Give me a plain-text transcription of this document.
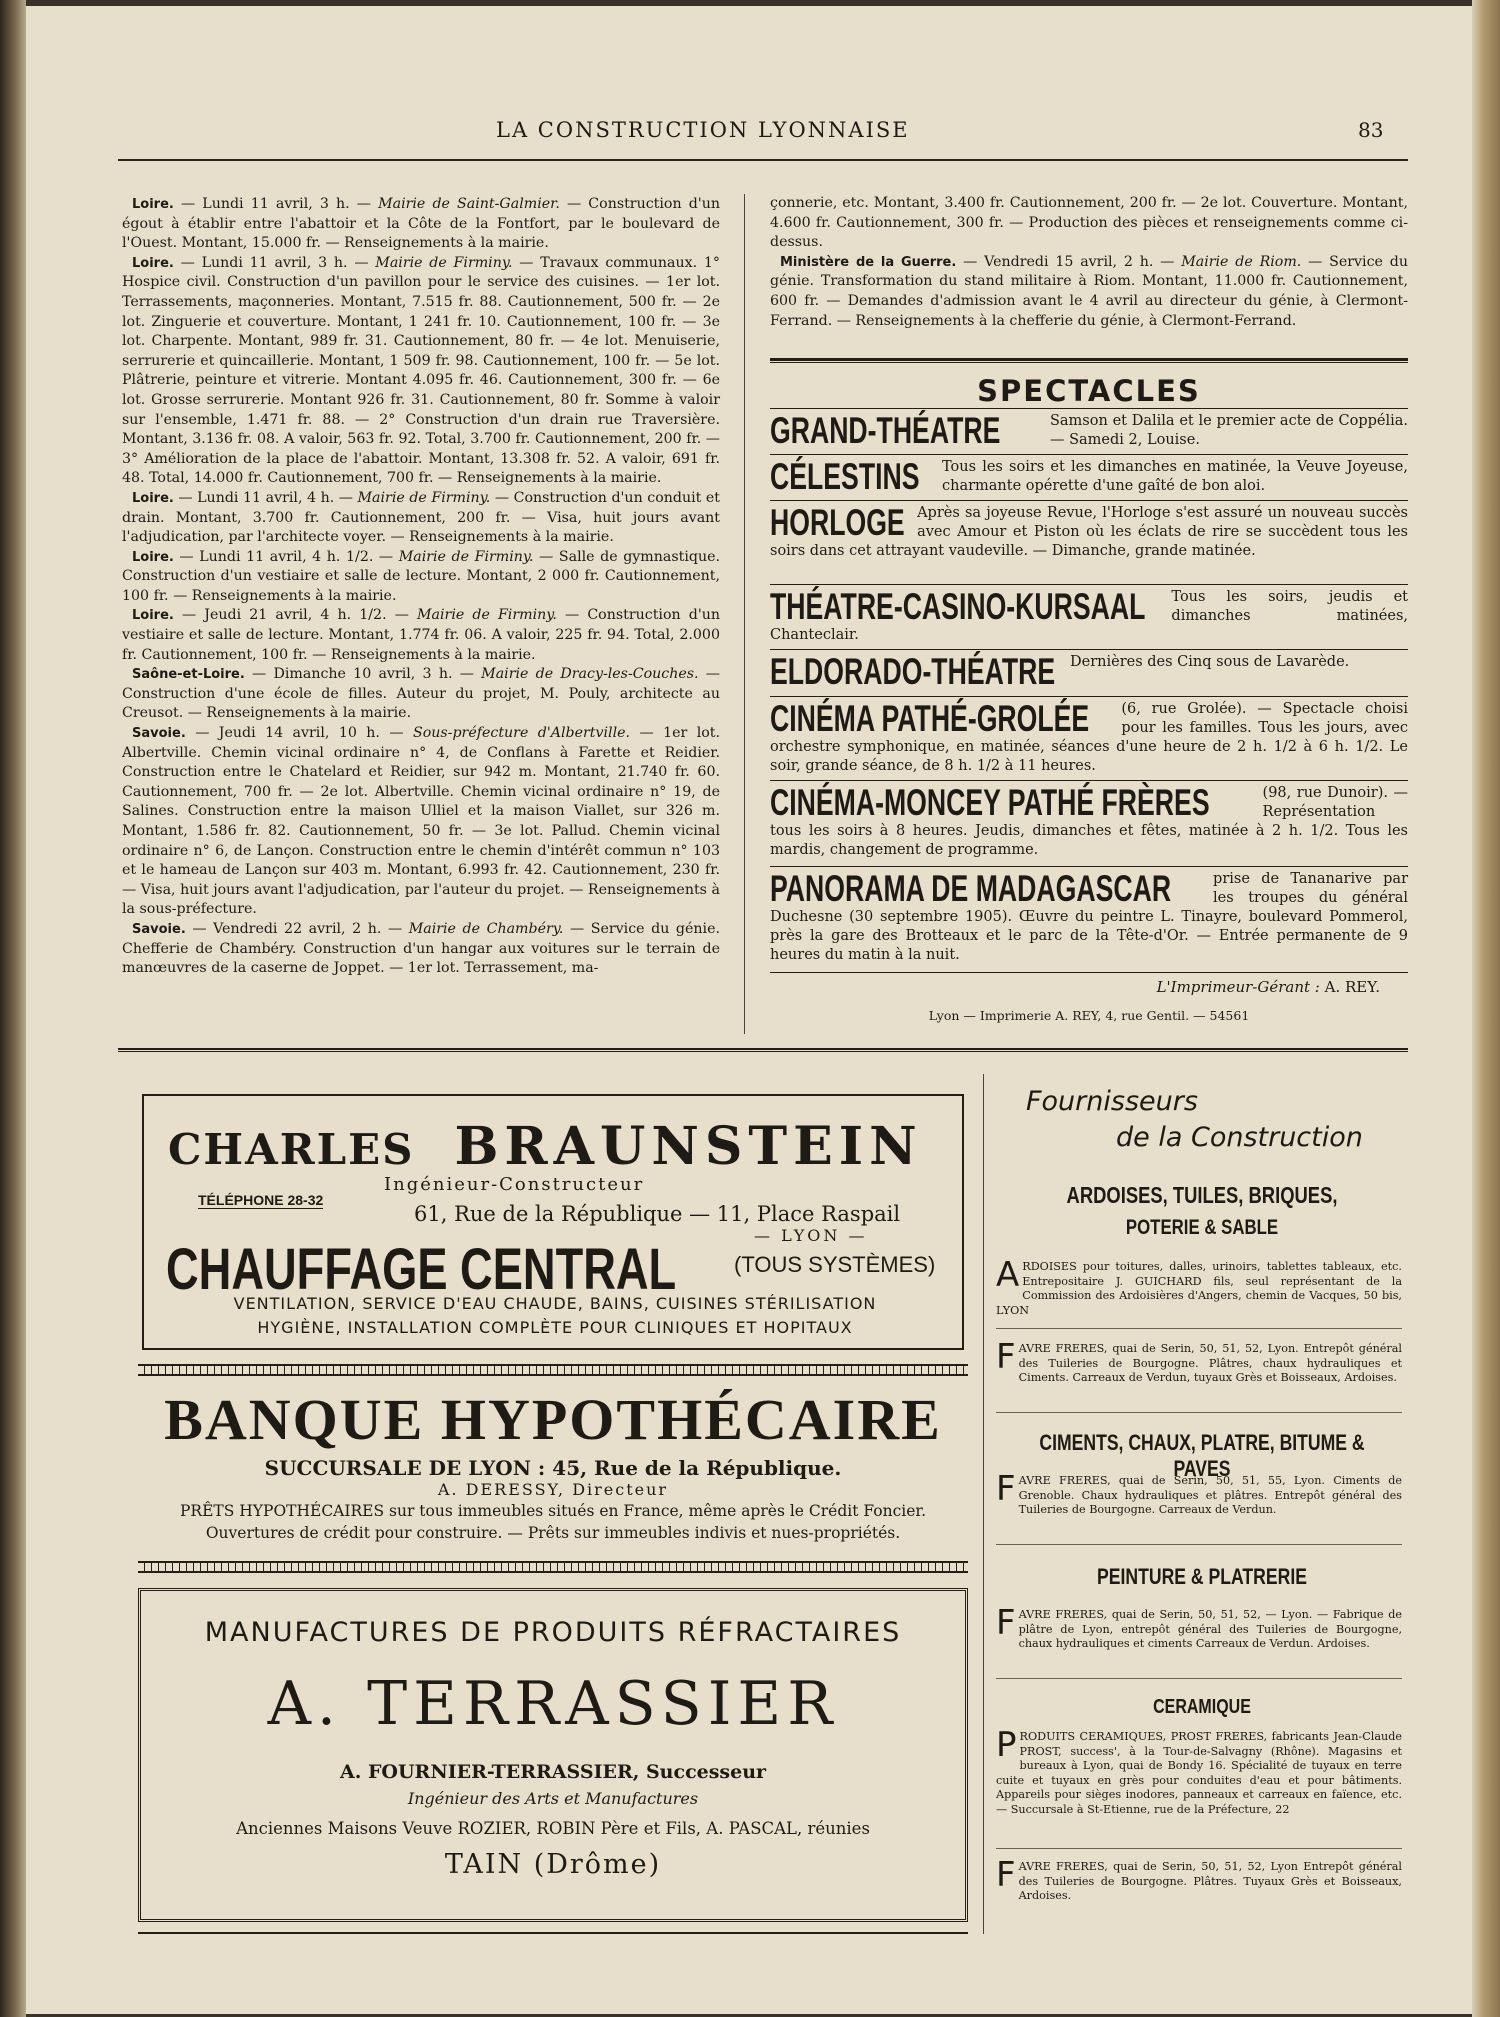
LA CONSTRUCTION LYONNAISE	83

Loire. — Lundi 11 avril, 3 h. — Mairie de Saint-Galmier. — Construction d'un égout à établir entre l'abattoir et la Côte de la Fontfort, par le boulevard de l'Ouest. Montant, 15.000 fr. — Renseignements à la mairie.

Loire. — Lundi 11 avril, 3 h. — Mairie de Firminy. — Travaux communaux. 1° Hospice civil. Construction d'un pavillon pour le service des cuisines. — 1er lot. Terrassements, maçonneries. Montant, 7.515 fr. 88. Cautionnement, 500 fr. — 2e lot. Zinguerie et couverture. Montant, 1 241 fr. 10. Cautionnement, 100 fr. — 3e lot. Charpente. Montant, 989 fr. 31. Cautionnement, 80 fr. — 4e lot. Menuiserie, serrurerie et quincaillerie. Montant, 1 509 fr. 98. Cautionnement, 100 fr. — 5e lot. Plâtrerie, peinture et vitrerie. Montant 4.095 fr. 46. Cautionnement, 300 fr. — 6e lot. Grosse serrurerie. Montant 926 fr. 31. Cautionnement, 80 fr. Somme à valoir sur l'ensemble, 1.471 fr. 88. — 2° Construction d'un drain rue Traversière. Montant, 3.136 fr. 08. A valoir, 563 fr. 92. Total, 3.700 fr. Cautionnement, 200 fr. — 3° Amélioration de la place de l'abattoir. Montant, 13.308 fr. 52. A valoir, 691 fr. 48. Total, 14.000 fr. Cautionnement, 700 fr. — Renseignements à la mairie.

Loire. — Lundi 11 avril, 4 h. — Mairie de Firminy. — Construction d'un conduit et drain. Montant, 3.700 fr. Cautionnement, 200 fr. — Visa, huit jours avant l'adjudication, par l'architecte voyer. — Renseignements à la mairie.

Loire. — Lundi 11 avril, 4 h. 1/2. — Mairie de Firminy. — Salle de gymnastique. Construction d'un vestiaire et salle de lecture. Montant, 2 000 fr. Cautionnement, 100 fr. — Renseignements à la mairie.

Loire. — Jeudi 21 avril, 4 h. 1/2. — Mairie de Firminy. — Construction d'un vestiaire et salle de lecture. Montant, 1.774 fr. 06. A valoir, 225 fr. 94. Total, 2.000 fr. Cautionnement, 100 fr. — Renseignements à la mairie.

Saône-et-Loire. — Dimanche 10 avril, 3 h. — Mairie de Dracy-les-Couches. — Construction d'une école de filles. Auteur du projet, M. Pouly, architecte au Creusot. — Renseignements à la mairie.

Savoie. — Jeudi 14 avril, 10 h. — Sous-préfecture d'Albertville. — 1er lot. Albertville. Chemin vicinal ordinaire n° 4, de Conflans à Farette et Reidier. Construction entre le Chatelard et Reidier, sur 942 m. Montant, 21.740 fr. 60. Cautionnement, 700 fr. — 2e lot. Albertville. Chemin vicinal ordinaire n° 19, de Salines. Construction entre la maison Ulliel et la maison Viallet, sur 326 m. Montant, 1.586 fr. 82. Cautionnement, 50 fr. — 3e lot. Pallud. Chemin vicinal ordinaire n° 6, de Lançon. Construction entre le chemin d'intérêt commun n° 103 et le hameau de Lançon sur 403 m. Montant, 6.993 fr. 42. Cautionnement, 230 fr. — Visa, huit jours avant l'adjudication, par l'auteur du projet. — Renseignements à la sous-préfecture.

Savoie. — Vendredi 22 avril, 2 h. — Mairie de Chambéry. — Service du génie. Chefferie de Chambéry. Construction d'un hangar aux voitures sur le terrain de manœuvres de la caserne de Joppet. — 1er lot. Terrassement, ma-

çonnerie, etc. Montant, 3.400 fr. Cautionnement, 200 fr. — 2e lot. Couverture. Montant, 4.600 fr. Cautionnement, 300 fr. — Production des pièces et renseignements comme ci-dessus.
Ministère de la Guerre. — Vendredi 15 avril, 2 h. — Mairie de Riom. — Service du génie. Transformation du stand militaire à Riom. Montant, 11.000 fr. Cautionnement, 600 fr. — Demandes d'admission avant le 4 avril au directeur du génie, à Clermont-Ferrand. — Renseignements à la chefferie du génie, à Clermont-Ferrand.
SPECTACLES
GRAND-THÉATRE	Samson et Dalila et le premier acte de Coppélia. — Samedi 2, Louise.
CÉLESTINS Tous les soirs et les dimanches en matinée, la Veuve Joyeuse, charmante opérette d'une gaîté de bon aloi.
HORLOGE Après sa joyeuse Revue, l'Horloge s'est assuré un nouveau succès avec Amour et Piston où les éclats de rire se succèdent tous les soirs dans cet attrayant vaudeville. — Dimanche, grande matinée.
THÉATRE-CASINO-KURSAAL	Tous les soirs, jeudis et dimanches matinées, Chanteclair.
ELDORADO-THÉATRE	Dernières des Cinq sous de Lavarède.
CINÉMA PATHÉ-GROLÉE	(6, rue Grolée). — Spectacle choisi pour les familles. Tous les jours, avec orchestre symphonique, en matinée, séances d'une heure de 2 h. 1/2 à 6 h. 1/2. Le soir, grande séance, de 8 h. 1/2 à 11 heures.
CINÉMA-MONCEY PATHÉ FRÈRES	(98, rue Dunoir). — Représentation tous les soirs à 8 heures. Jeudis, dimanches et fêtes, matinée à 2 h. 1/2. Tous les mardis, changement de programme.
PANORAMA DE MADAGASCAR	prise de Tananarive par les troupes du général Duchesne (30 septembre 1905). Œuvre du peintre L. Tinayre, boulevard Pommerol, près la gare des Brotteaux et le parc de la Tête-d'Or. — Entrée permanente de 9 heures du matin à la nuit.
L'Imprimeur-Gérant : A. REY.
Lyon — Imprimerie A. REY, 4, rue Gentil. — 54561
CHARLES BRAUNSTEIN
Ingénieur-Constructeur
TÉLÉPHONE 28-32
61, Rue de la République — 11, Place Raspail
— LYON —
CHAUFFAGE CENTRAL	(TOUS SYSTÈMES)
VENTILATION, SERVICE D'EAU CHAUDE, BAINS, CUISINES STÉRILISATION
HYGIÈNE, INSTALLATION COMPLÈTE POUR CLINIQUES ET HOPITAUX
BANQUE HYPOTHÉCAIRE
SUCCURSALE DE LYON : 45, Rue de la République.
A. DERESSY, Directeur
PRÊTS HYPOTHÉCAIRES sur tous immeubles situés en France, même après le Crédit Foncier.
Ouvertures de crédit pour construire. — Prêts sur immeubles indivis et nues-propriétés.
MANUFACTURES DE PRODUITS RÉFRACTAIRES
A. TERRASSIER
A. FOURNIER-TERRASSIER, Successeur
Ingénieur des Arts et Manufactures
Anciennes Maisons Veuve ROZIER, ROBIN Père et Fils, A. PASCAL, réunies
TAIN (Drôme)
Fournisseurs
de la Construction
ARDOISES, TUILES, BRIQUES,
POTERIE & SABLE
ARDOISES pour toitures, dalles, urinoirs, tablettes tableaux, etc. Entrepositaire J. GUICHARD fils, seul représentant de la Commission des Ardoisières d'Angers, chemin de Vacques, 50 bis, LYON
FAVRE FRERES, quai de Serin, 50, 51, 52, Lyon. Entrepôt général des Tuileries de Bourgogne. Plâtres, chaux hydrauliques et Ciments. Carreaux de Verdun, tuyaux Grès et Boisseaux, Ardoises.
CIMENTS, CHAUX, PLATRE, BITUME & PAVES
FAVRE FRERES, quai de Serin, 50, 51, 55, Lyon. Ciments de Grenoble. Chaux hydrauliques et plâtres. Entrepôt général des Tuileries de Bourgogne. Carreaux de Verdun.
PEINTURE & PLATRERIE
FAVRE FRERES, quai de Serin, 50, 51, 52, — Lyon. — Fabrique de plâtre de Lyon, entrepôt général des Tuileries de Bourgogne, chaux hydrauliques et ciments Carreaux de Verdun. Ardoises.
CERAMIQUE
PRODUITS CERAMIQUES, PROST FRERES, fabricants Jean-Claude PROST, success', à la Tour-de-Salvagny (Rhône). Magasins et bureaux à Lyon, quai de Bondy 16. Spécialité de tuyaux en terre cuite et tuyaux en grès pour conduites d'eau et pour bâtiments. Appareils pour sièges inodores, panneaux et carreaux en faïence, etc. — Succursale à St-Etienne, rue de la Préfecture, 22
FAVRE FRERES, quai de Serin, 50, 51, 52, Lyon Entrepôt général des Tuileries de Bourgogne. Plâtres. Tuyaux Grès et Boisseaux, Ardoises.
